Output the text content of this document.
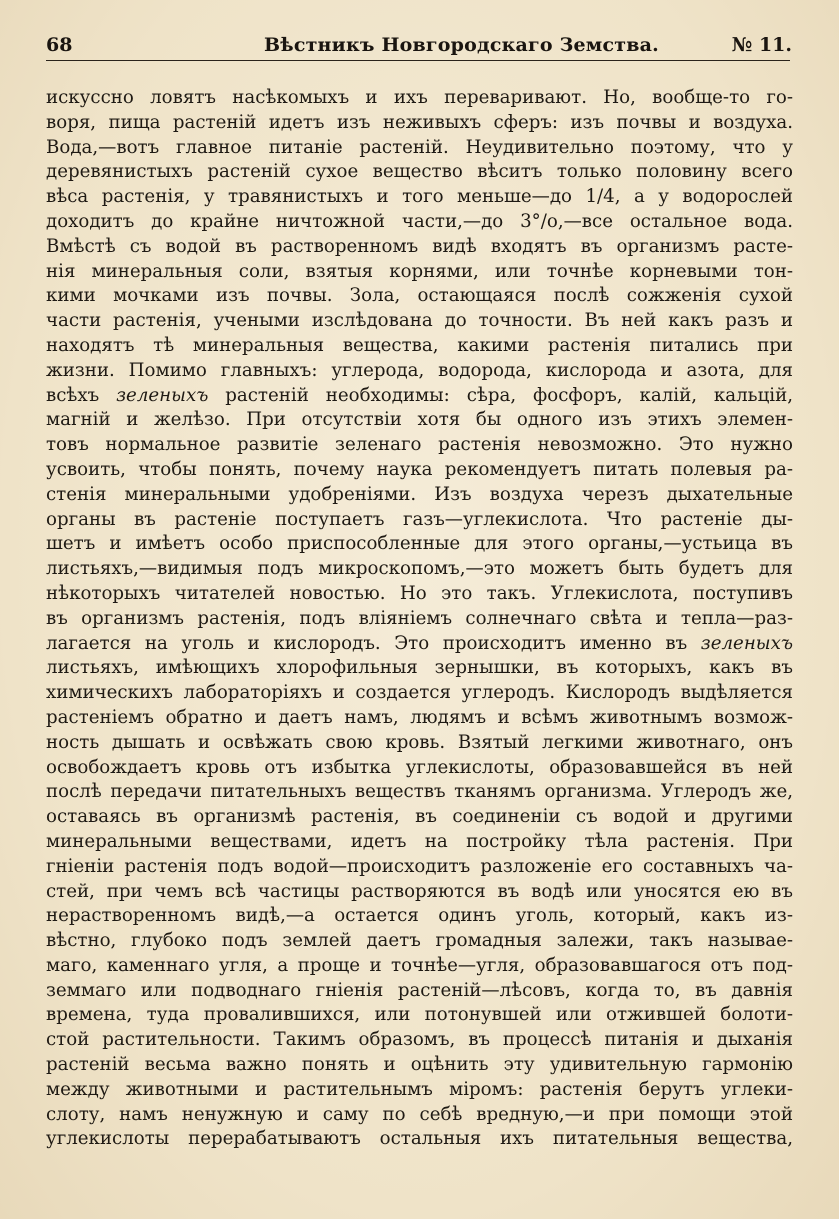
68	Вѣстникъ Новгородскаго Земства.	№ 11.
искуссно ловятъ насѣкомыхъ и ихъ переваривают. Но, вообще-то го-
воря, пища растеній идетъ изъ неживыхъ сферъ: изъ почвы и воздуха.
Вода,—вотъ главное питаніе растеній. Неудивительно поэтому, что у
деревянистыхъ растеній сухое вещество вѣситъ только половину всего
вѣса растенія, у травянистыхъ и того меньше—до 1/4, а у водорослей
доходитъ до крайне ничтожной части,—до 3°/о,—все остальное вода.
Вмѣстѣ съ водой въ растворенномъ видѣ входятъ въ организмъ расте-
нія минеральныя соли, взятыя корнями, или точнѣе корневыми тон-
кими мочками изъ почвы. Зола, остающаяся послѣ сожженія сухой
части растенія, учеными изслѣдована до точности. Въ ней какъ разъ и
находятъ тѣ минеральныя вещества, какими растенія питались при
жизни. Помимо главныхъ: углерода, водорода, кислорода и азота, для
всѣхъ зеленыхъ растеній необходимы: сѣра, фосфоръ, калій, кальцій,
магній и желѣзо. При отсутствіи хотя бы одного изъ этихъ элемен-
товъ нормальное развитіе зеленаго растенія невозможно. Это нужно
усвоить, чтобы понять, почему наука рекомендуетъ питать полевыя ра-
стенія минеральными удобреніями. Изъ воздуха черезъ дыхательные
органы въ растеніе поступаетъ газъ—углекислота. Что растеніе ды-
шетъ и имѣетъ особо приспособленные для этого органы,—устьица въ
листьяхъ,—видимыя подъ микроскопомъ,—это можетъ быть будетъ для
нѣкоторыхъ читателей новостью. Но это такъ. Углекислота, поступивъ
въ организмъ растенія, подъ вліяніемъ солнечнаго свѣта и тепла—раз-
лагается на уголь и кислородъ. Это происходитъ именно въ зеленыхъ
листьяхъ, имѣющихъ хлорофильныя зернышки, въ которыхъ, какъ въ
химическихъ лабораторіяхъ и создается углеродъ. Кислородъ выдѣляется
растеніемъ обратно и даетъ намъ, людямъ и всѣмъ животнымъ возмож-
ность дышать и освѣжать свою кровь. Взятый легкими животнаго, онъ
освобождаетъ кровь отъ избытка углекислоты, образовавшейся въ ней
послѣ передачи питательныхъ веществъ тканямъ организма. Углеродъ же,
оставаясь въ организмѣ растенія, въ соединеніи съ водой и другими
минеральными веществами, идетъ на постройку тѣла растенія. При
гніеніи растенія подъ водой—происходитъ разложеніе его составныхъ ча-
стей, при чемъ всѣ частицы растворяются въ водѣ или уносятся ею въ
нерастворенномъ видѣ,—а остается одинъ уголь, который, какъ из-
вѣстно, глубоко подъ землей даетъ громадныя залежи, такъ называе-
маго, каменнаго угля, а проще и точнѣе—угля, образовавшагося отъ под-
земмаго или подводнаго гніенія растеній—лѣсовъ, когда то, въ давнія
времена, туда провалившихся, или потонувшей или отжившей болоти-
стой растительности. Такимъ образомъ, въ процессѣ питанія и дыханія
растеній весьма важно понять и оцѣнить эту удивительную гармонію
между животными и растительнымъ міромъ: растенія берутъ углеки-
слоту, намъ ненужную и саму по себѣ вредную,—и при помощи этой
углекислоты перерабатываютъ остальныя ихъ питательныя вещества,
